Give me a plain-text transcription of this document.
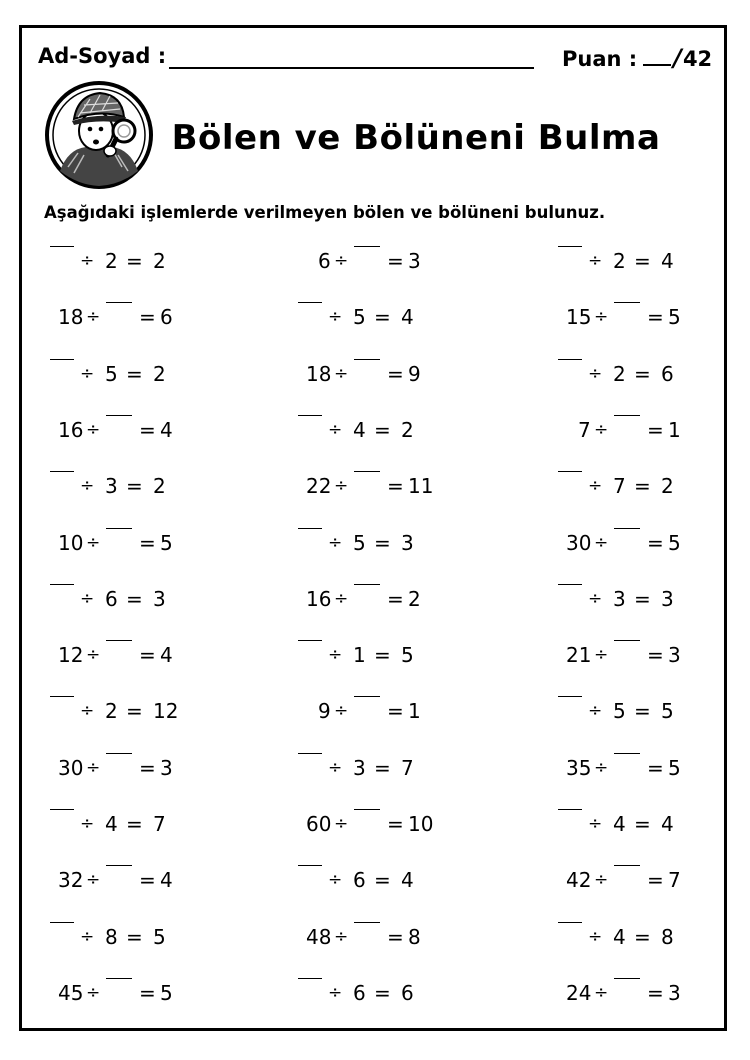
Ad-Soyad :	Puan : /42
Bölen ve Bölüneni Bulma
Aşağıdaki işlemlerde verilmeyen bölen ve bölüneni bulunuz.
÷ 2 = 2
18 ÷ = 6
÷ 5 = 2
16 ÷ = 4
÷ 3 = 2
10 ÷ = 5
÷ 6 = 3
12 ÷ = 4
÷ 2 = 12
30 ÷ = 3
÷ 4 = 7
32 ÷ = 4
÷ 8 = 5
45 ÷ = 5
6 ÷ = 3
÷ 5 = 4
18 ÷ = 9
÷ 4 = 2
22 ÷ = 11
÷ 5 = 3
16 ÷ = 2
÷ 1 = 5
9 ÷ = 1
÷ 3 = 7
60 ÷ = 10
÷ 6 = 4
48 ÷ = 8
÷ 6 = 6
÷ 2 = 4
15 ÷ = 5
÷ 2 = 6
7 ÷ = 1
÷ 7 = 2
30 ÷ = 5
÷ 3 = 3
21 ÷ = 3
÷ 5 = 5
35 ÷ = 5
÷ 4 = 4
42 ÷ = 7
÷ 4 = 8
24 ÷ = 3
